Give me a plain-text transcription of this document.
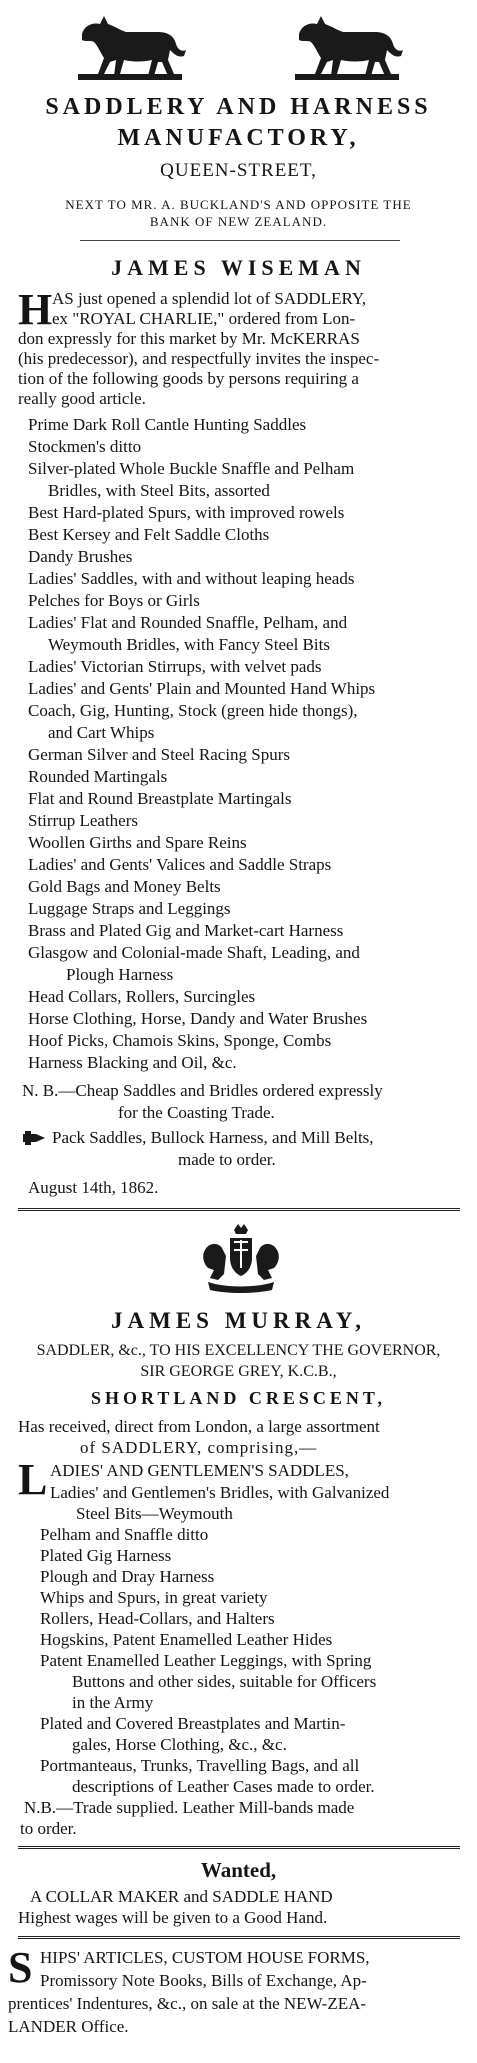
SADDLERY AND HARNESS
MANUFACTORY,
QUEEN-STREET,
NEXT TO MR. A. BUCKLAND'S AND OPPOSITE THE
BANK OF NEW ZEALAND.
JAMES WISEMAN
H AS just opened a splendid lot of SADDLERY,
ex "ROYAL CHARLIE," ordered from Lon-
don expressly for this market by Mr. McKERRAS
(his predecessor), and respectfully invites the inspec-
tion of the following goods by persons requiring a
really good article.
Prime Dark Roll Cantle Hunting Saddles
Stockmen's ditto
Silver-plated Whole Buckle Snaffle and Pelham
Bridles, with Steel Bits, assorted
Best Hard-plated Spurs, with improved rowels
Best Kersey and Felt Saddle Cloths
Dandy Brushes
Ladies' Saddles, with and without leaping heads
Pelches for Boys or Girls
Ladies' Flat and Rounded Snaffle, Pelham, and
Weymouth Bridles, with Fancy Steel Bits
Ladies' Victorian Stirrups, with velvet pads
Ladies' and Gents' Plain and Mounted Hand Whips
Coach, Gig, Hunting, Stock (green hide thongs),
and Cart Whips
German Silver and Steel Racing Spurs
Rounded Martingals
Flat and Round Breastplate Martingals
Stirrup Leathers
Woollen Girths and Spare Reins
Ladies' and Gents' Valices and Saddle Straps
Gold Bags and Money Belts
Luggage Straps and Leggings
Brass and Plated Gig and Market-cart Harness
Glasgow and Colonial-made Shaft, Leading, and
Plough Harness
Head Collars, Rollers, Surcingles
Horse Clothing, Horse, Dandy and Water Brushes
Hoof Picks, Chamois Skins, Sponge, Combs
Harness Blacking and Oil, &c.
N. B.—Cheap Saddles and Bridles ordered expressly
for the Coasting Trade.
Pack Saddles, Bullock Harness, and Mill Belts,
made to order.
August 14th, 1862.
JAMES MURRAY,
SADDLER, &c., TO HIS EXCELLENCY THE GOVERNOR,
SIR GEORGE GREY, K.C.B.,
SHORTLAND CRESCENT,
Has received, direct from London, a large assortment
of SADDLERY, comprising,—
L ADIES' AND GENTLEMEN'S SADDLES,
Ladies' and Gentlemen's Bridles, with Galvanized
Steel Bits—Weymouth
Pelham and Snaffle ditto
Plated Gig Harness
Plough and Dray Harness
Whips and Spurs, in great variety
Rollers, Head-Collars, and Halters
Hogskins, Patent Enamelled Leather Hides
Patent Enamelled Leather Leggings, with Spring
Buttons and other sides, suitable for Officers
in the Army
Plated and Covered Breastplates and Martin-
gales, Horse Clothing, &c., &c.
Portmanteaus, Trunks, Travelling Bags, and all
descriptions of Leather Cases made to order.
N.B.—Trade supplied. Leather Mill-bands made
to order.
Wanted,
A COLLAR MAKER and SADDLE HAND
Highest wages will be given to a Good Hand.
S HIPS' ARTICLES, CUSTOM HOUSE FORMS,
Promissory Note Books, Bills of Exchange, Ap-
prentices' Indentures, &c., on sale at the NEW-ZEA-
LANDER Office.
